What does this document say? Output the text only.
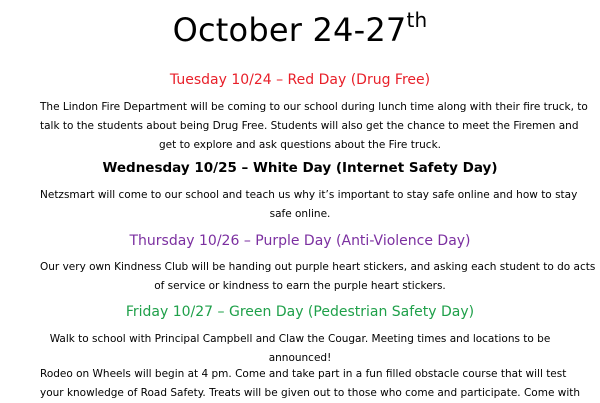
October 24-27th
Tuesday 10/24 – Red Day (Drug Free)
The Lindon Fire Department will be coming to our school during lunch time along with their fire truck, to
talk to the students about being Drug Free. Students will also get the chance to meet the Firemen and
get to explore and ask questions about the Fire truck.
Wednesday 10/25 – White Day (Internet Safety Day)
Netzsmart will come to our school and teach us why it’s important to stay safe online and how to stay
safe online.
Thursday 10/26 – Purple Day (Anti-Violence Day)
Our very own Kindness Club will be handing out purple heart stickers, and asking each student to do acts
of service or kindness to earn the purple heart stickers.
Friday 10/27 – Green Day (Pedestrian Safety Day)
Walk to school with Principal Campbell and Claw the Cougar. Meeting times and locations to be
announced!
Rodeo on Wheels will begin at 4 pm. Come and take part in a fun filled obstacle course that will test
your knowledge of Road Safety. Treats will be given out to those who come and participate. Come with
